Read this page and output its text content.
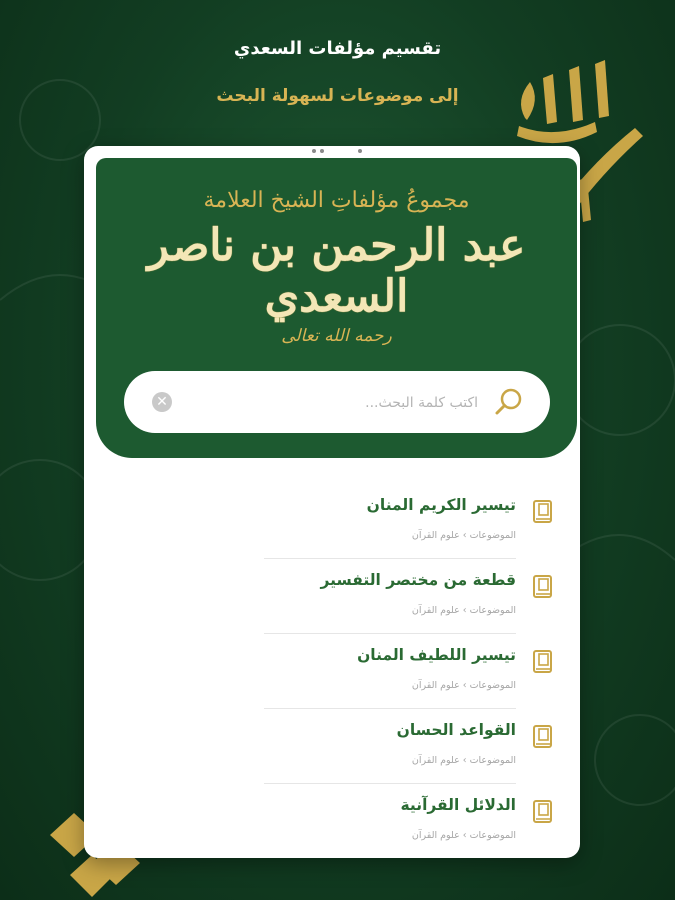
تقسيم مؤلفات السعدي
إلى موضوعات لسهولة البحث
مجموعُ مؤلفاتِ الشيخ العلامة
عبد الرحمن بن ناصر السعدي
رحمه الله تعالى
اكتب كلمة البحث...
✕
تيسير الكريم المنان
الموضوعات › علوم القرآن
قطعة من مختصر التفسير
الموضوعات › علوم القرآن
تيسير اللطيف المنان
الموضوعات › علوم القرآن
القواعد الحسان
الموضوعات › علوم القرآن
الدلائل القرآنية
الموضوعات › علوم القرآن
